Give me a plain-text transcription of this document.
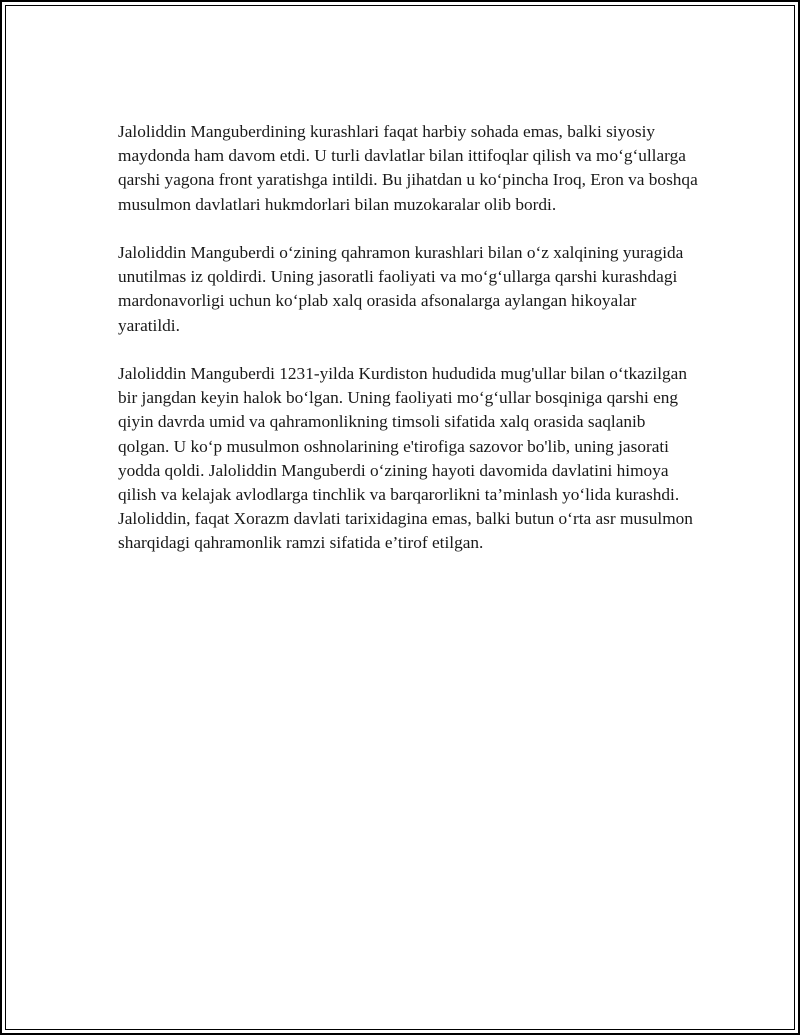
Jaloliddin Manguberdining kurashlari faqat harbiy sohada emas, balki siyosiy maydonda ham davom etdi. U turli davlatlar bilan ittifoqlar qilish va mo‘g‘ullarga qarshi yagona front yaratishga intildi. Bu jihatdan u ko‘pincha Iroq, Eron va boshqa musulmon davlatlari hukmdorlari bilan muzokaralar olib bordi.

Jaloliddin Manguberdi o‘zining qahramon kurashlari bilan o‘z xalqining yuragida unutilmas iz qoldirdi. Uning jasoratli faoliyati va mo‘g‘ullarga qarshi kurashdagi mardonavorligi uchun ko‘plab xalq orasida afsonalarga aylangan hikoyalar yaratildi.

Jaloliddin Manguberdi 1231-yilda Kurdiston hududida mug'ullar bilan o‘tkazilgan bir jangdan keyin halok bo‘lgan. Uning faoliyati mo‘g‘ullar bosqiniga qarshi eng qiyin davrda umid va qahramonlikning timsoli sifatida xalq orasida saqlanib qolgan. U ko‘p musulmon oshnolarining e'tirofiga sazovor bo'lib, uning jasorati yodda qoldi. Jaloliddin Manguberdi o‘zining hayoti davomida davlatini himoya qilish va kelajak avlodlarga tinchlik va barqarorlikni ta’minlash yo‘lida kurashdi. Jaloliddin, faqat Xorazm davlati tarixidagina emas, balki butun o‘rta asr musulmon sharqidagi qahramonlik ramzi sifatida e’tirof etilgan.
